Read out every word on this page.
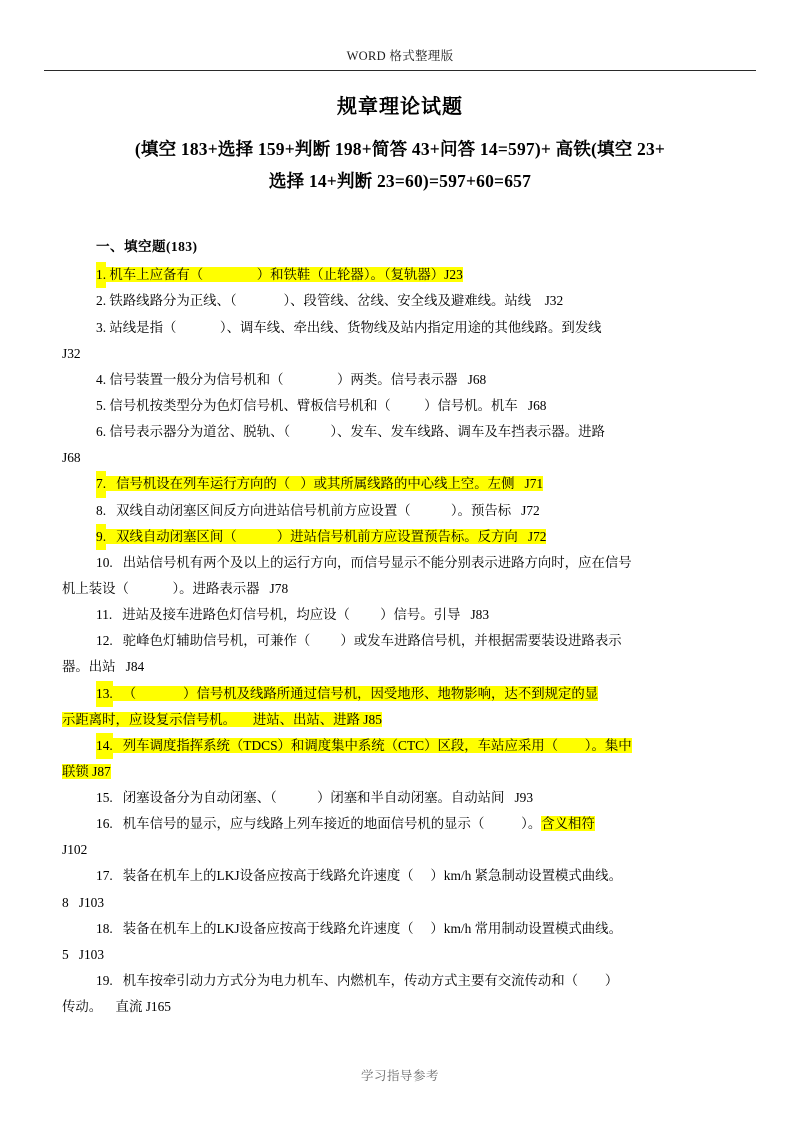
WORD 格式整理版
规章理论试题
(填空 183+选择 159+判断 198+简答 43+问答 14=597)+ 高铁(填空 23+
选择 14+判断 23=60)=597+60=657
一、填空题(183)
1. 机车上应备有（                ）和铁鞋（止轮器）。（复轨器）J23
2. 铁路线路分为正线、（              ）、段管线、岔线、安全线及避难线。站线    J32
3. 站线是指（             ）、调车线、牵出线、货物线及站内指定用途的其他线路。到发线
J32
4. 信号装置一般分为信号机和（                ）两类。信号表示器   J68
5. 信号机按类型分为色灯信号机、臂板信号机和（          ）信号机。机车   J68
6. 信号表示器分为道岔、脱轨、（            ）、发车、发车线路、调车及车挡表示器。进路
J68
7. 信号机设在列车运行方向的（   ）或其所属线路的中心线上空。左侧   J71
8. 双线自动闭塞区间反方向进站信号机前方应设置（            ）。预告标   J72
9. 双线自动闭塞区间（            ）进站信号机前方应设置预告标。反方向   J72
10. 出站信号机有两个及以上的运行方向，而信号显示不能分别表示进路方向时，应在信号
机上装设（             ）。进路表示器   J78
11. 进站及接车进路色灯信号机，均应设（         ）信号。引导   J83
12. 驼峰色灯辅助信号机，可兼作（         ）或发车进路信号机，并根据需要装设进路表示
器。出站   J84
13. （              ）信号机及线路所通过信号机，因受地形、地物影响，达不到规定的显
示距离时，应设复示信号机。     进站、出站、进路 J85
14. 列车调度指挥系统（TDCS）和调度集中系统（CTC）区段，车站应采用（        ）。集中
联锁 J87
15. 闭塞设备分为自动闭塞、（            ）闭塞和半自动闭塞。自动站间   J93
16. 机车信号的显示，应与线路上列车接近的地面信号机的显示（           ）。含义相符
J102
17. 装备在机车上的LKJ设备应按高于线路允许速度（     ）km/h 紧急制动设置模式曲线。
8   J103
18. 装备在机车上的LKJ设备应按高于线路允许速度（     ）km/h 常用制动设置模式曲线。
5   J103
19. 机车按牵引动力方式分为电力机车、内燃机车，传动方式主要有交流传动和（        ）
传动。    直流 J165
学习指导参考
